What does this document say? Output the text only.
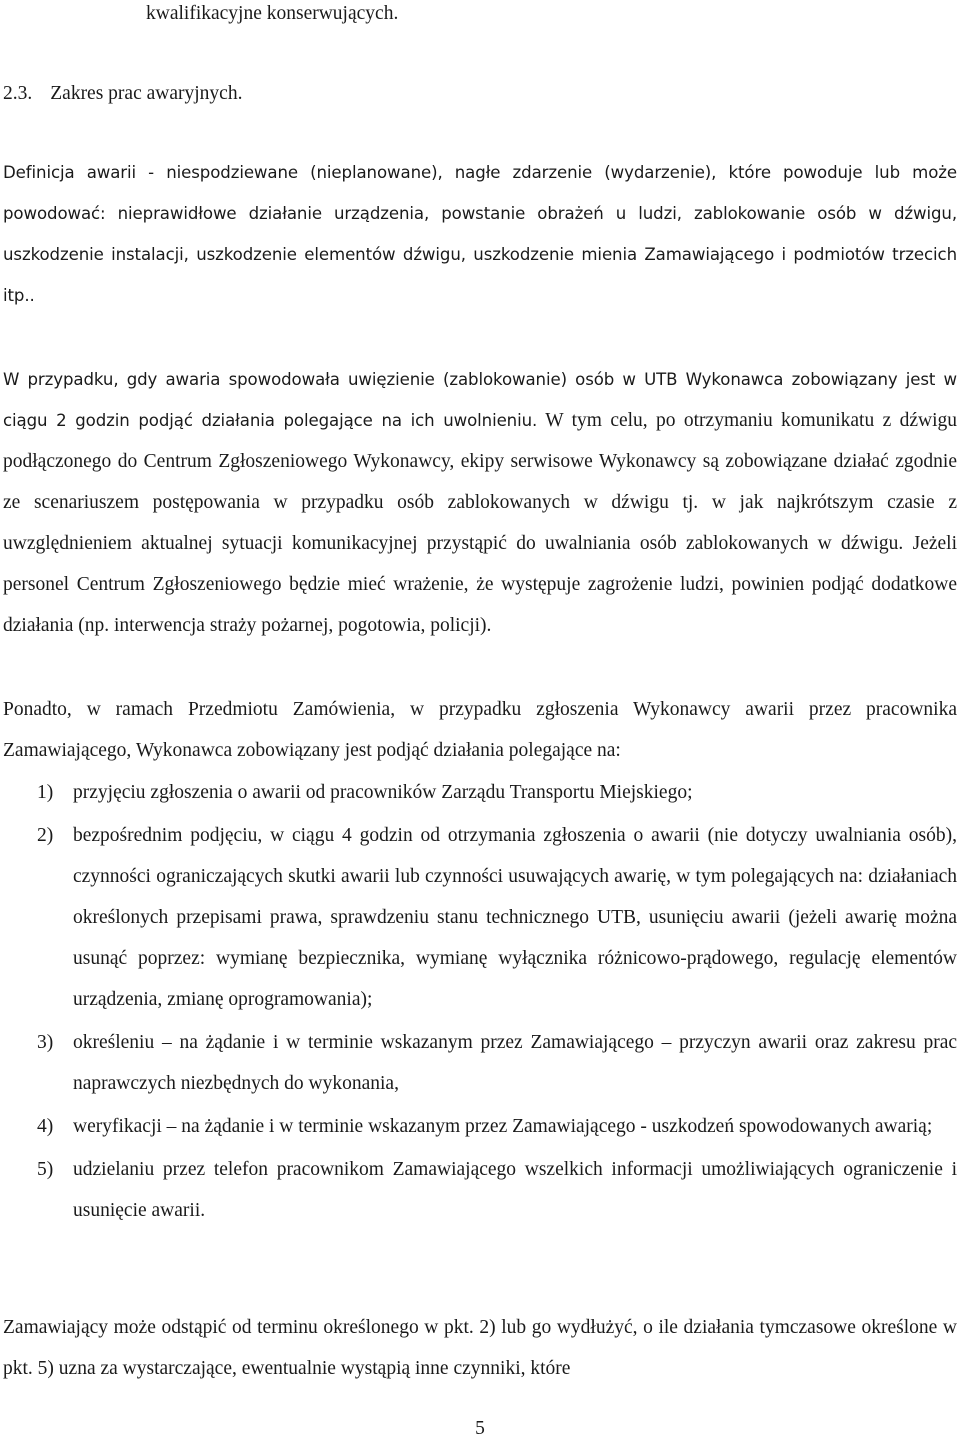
kwalifikacyjne konserwujących.
2.3. Zakres prac awaryjnych.

Definicja awarii - niespodziewane (nieplanowane), nagłe zdarzenie (wydarzenie), które powoduje lub może powodować: nieprawidłowe działanie urządzenia, powstanie obrażeń u ludzi, zablokowanie osób w dźwigu, uszkodzenie instalacji, uszkodzenie elementów dźwigu, uszkodzenie mienia Zamawiającego i podmiotów trzecich itp..

W przypadku, gdy awaria spowodowała uwięzienie (zablokowanie) osób w UTB Wykonawca zobowiązany jest w ciągu 2 godzin podjąć działania polegające na ich uwolnieniu. W tym celu, po otrzymaniu komunikatu z dźwigu podłączonego do Centrum Zgłoszeniowego Wykonawcy, ekipy serwisowe Wykonawcy są zobowiązane działać zgodnie ze scenariuszem postępowania w przypadku osób zablokowanych w dźwigu tj. w jak najkrótszym czasie z uwzględnieniem aktualnej sytuacji komunikacyjnej przystąpić do uwalniania osób zablokowanych w dźwigu. Jeżeli personel Centrum Zgłoszeniowego będzie mieć wrażenie, że występuje zagrożenie ludzi, powinien podjąć dodatkowe działania (np. interwencja straży pożarnej, pogotowia, policji).

Ponadto, w ramach Przedmiotu Zamówienia, w przypadku zgłoszenia Wykonawcy awarii przez pracownika Zamawiającego, Wykonawca zobowiązany jest podjąć działania polegające na:

1) przyjęciu zgłoszenia o awarii od pracowników Zarządu Transportu Miejskiego;
2) bezpośrednim podjęciu, w ciągu 4 godzin od otrzymania zgłoszenia o awarii (nie dotyczy uwalniania osób), czynności ograniczających skutki awarii lub czynności usuwających awarię, w tym polegających na: działaniach określonych przepisami prawa, sprawdzeniu stanu technicznego UTB, usunięciu awarii (jeżeli awarię można usunąć poprzez: wymianę bezpiecznika, wymianę wyłącznika różnicowo-prądowego, regulację elementów urządzenia, zmianę oprogramowania);
3) określeniu – na żądanie i w terminie wskazanym przez Zamawiającego – przyczyn awarii oraz zakresu prac naprawczych niezbędnych do wykonania,
4) weryfikacji – na żądanie i w terminie wskazanym przez Zamawiającego - uszkodzeń spowodowanych awarią;
5) udzielaniu przez telefon pracownikom Zamawiającego wszelkich informacji umożliwiających ograniczenie i usunięcie awarii.

Zamawiający może odstąpić od terminu określonego w pkt. 2) lub go wydłużyć, o ile działania tymczasowe określone w pkt. 5) uzna za wystarczające, ewentualnie wystąpią inne czynniki, które

5
